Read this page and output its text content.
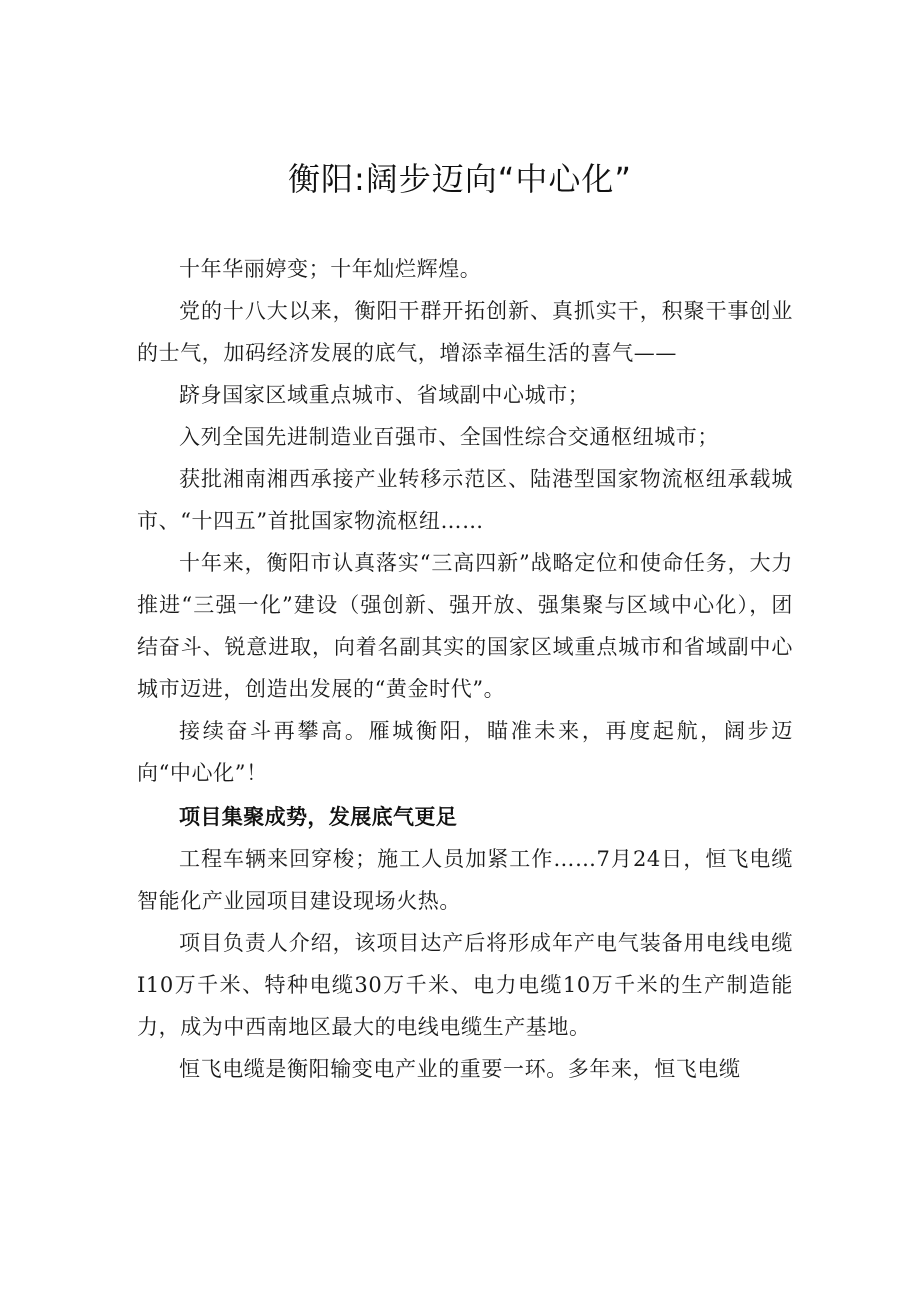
衡阳:阔步迈向“中心化”

十年华丽婷变；十年灿烂辉煌。

党的十八大以来，衡阳干群开拓创新、真抓实干，积聚干事创业的士气，加码经济发展的底气，增添幸福生活的喜气——

跻身国家区域重点城市、省域副中心城市；

入列全国先进制造业百强市、全国性综合交通枢纽城市；

获批湘南湘西承接产业转移示范区、陆港型国家物流枢纽承载城市、“十四五”首批国家物流枢纽……

十年来，衡阳市认真落实“三高四新”战略定位和使命任务，大力推进“三强一化”建设（强创新、强开放、强集聚与区域中心化），团结奋斗、锐意进取，向着名副其实的国家区域重点城市和省域副中心城市迈进，创造出发展的“黄金时代”。

接续奋斗再攀高。雁城衡阳，瞄准未来，再度起航，阔步迈向“中心化”！

项目集聚成势，发展底气更足

工程车辆来回穿梭；施工人员加紧工作……7月24日，恒飞电缆智能化产业园项目建设现场火热。

项目负责人介绍，该项目达产后将形成年产电气装备用电线电缆I10万千米、特种电缆30万千米、电力电缆10万千米的生产制造能力，成为中西南地区最大的电线电缆生产基地。

恒飞电缆是衡阳输变电产业的重要一环。多年来，恒飞电缆
